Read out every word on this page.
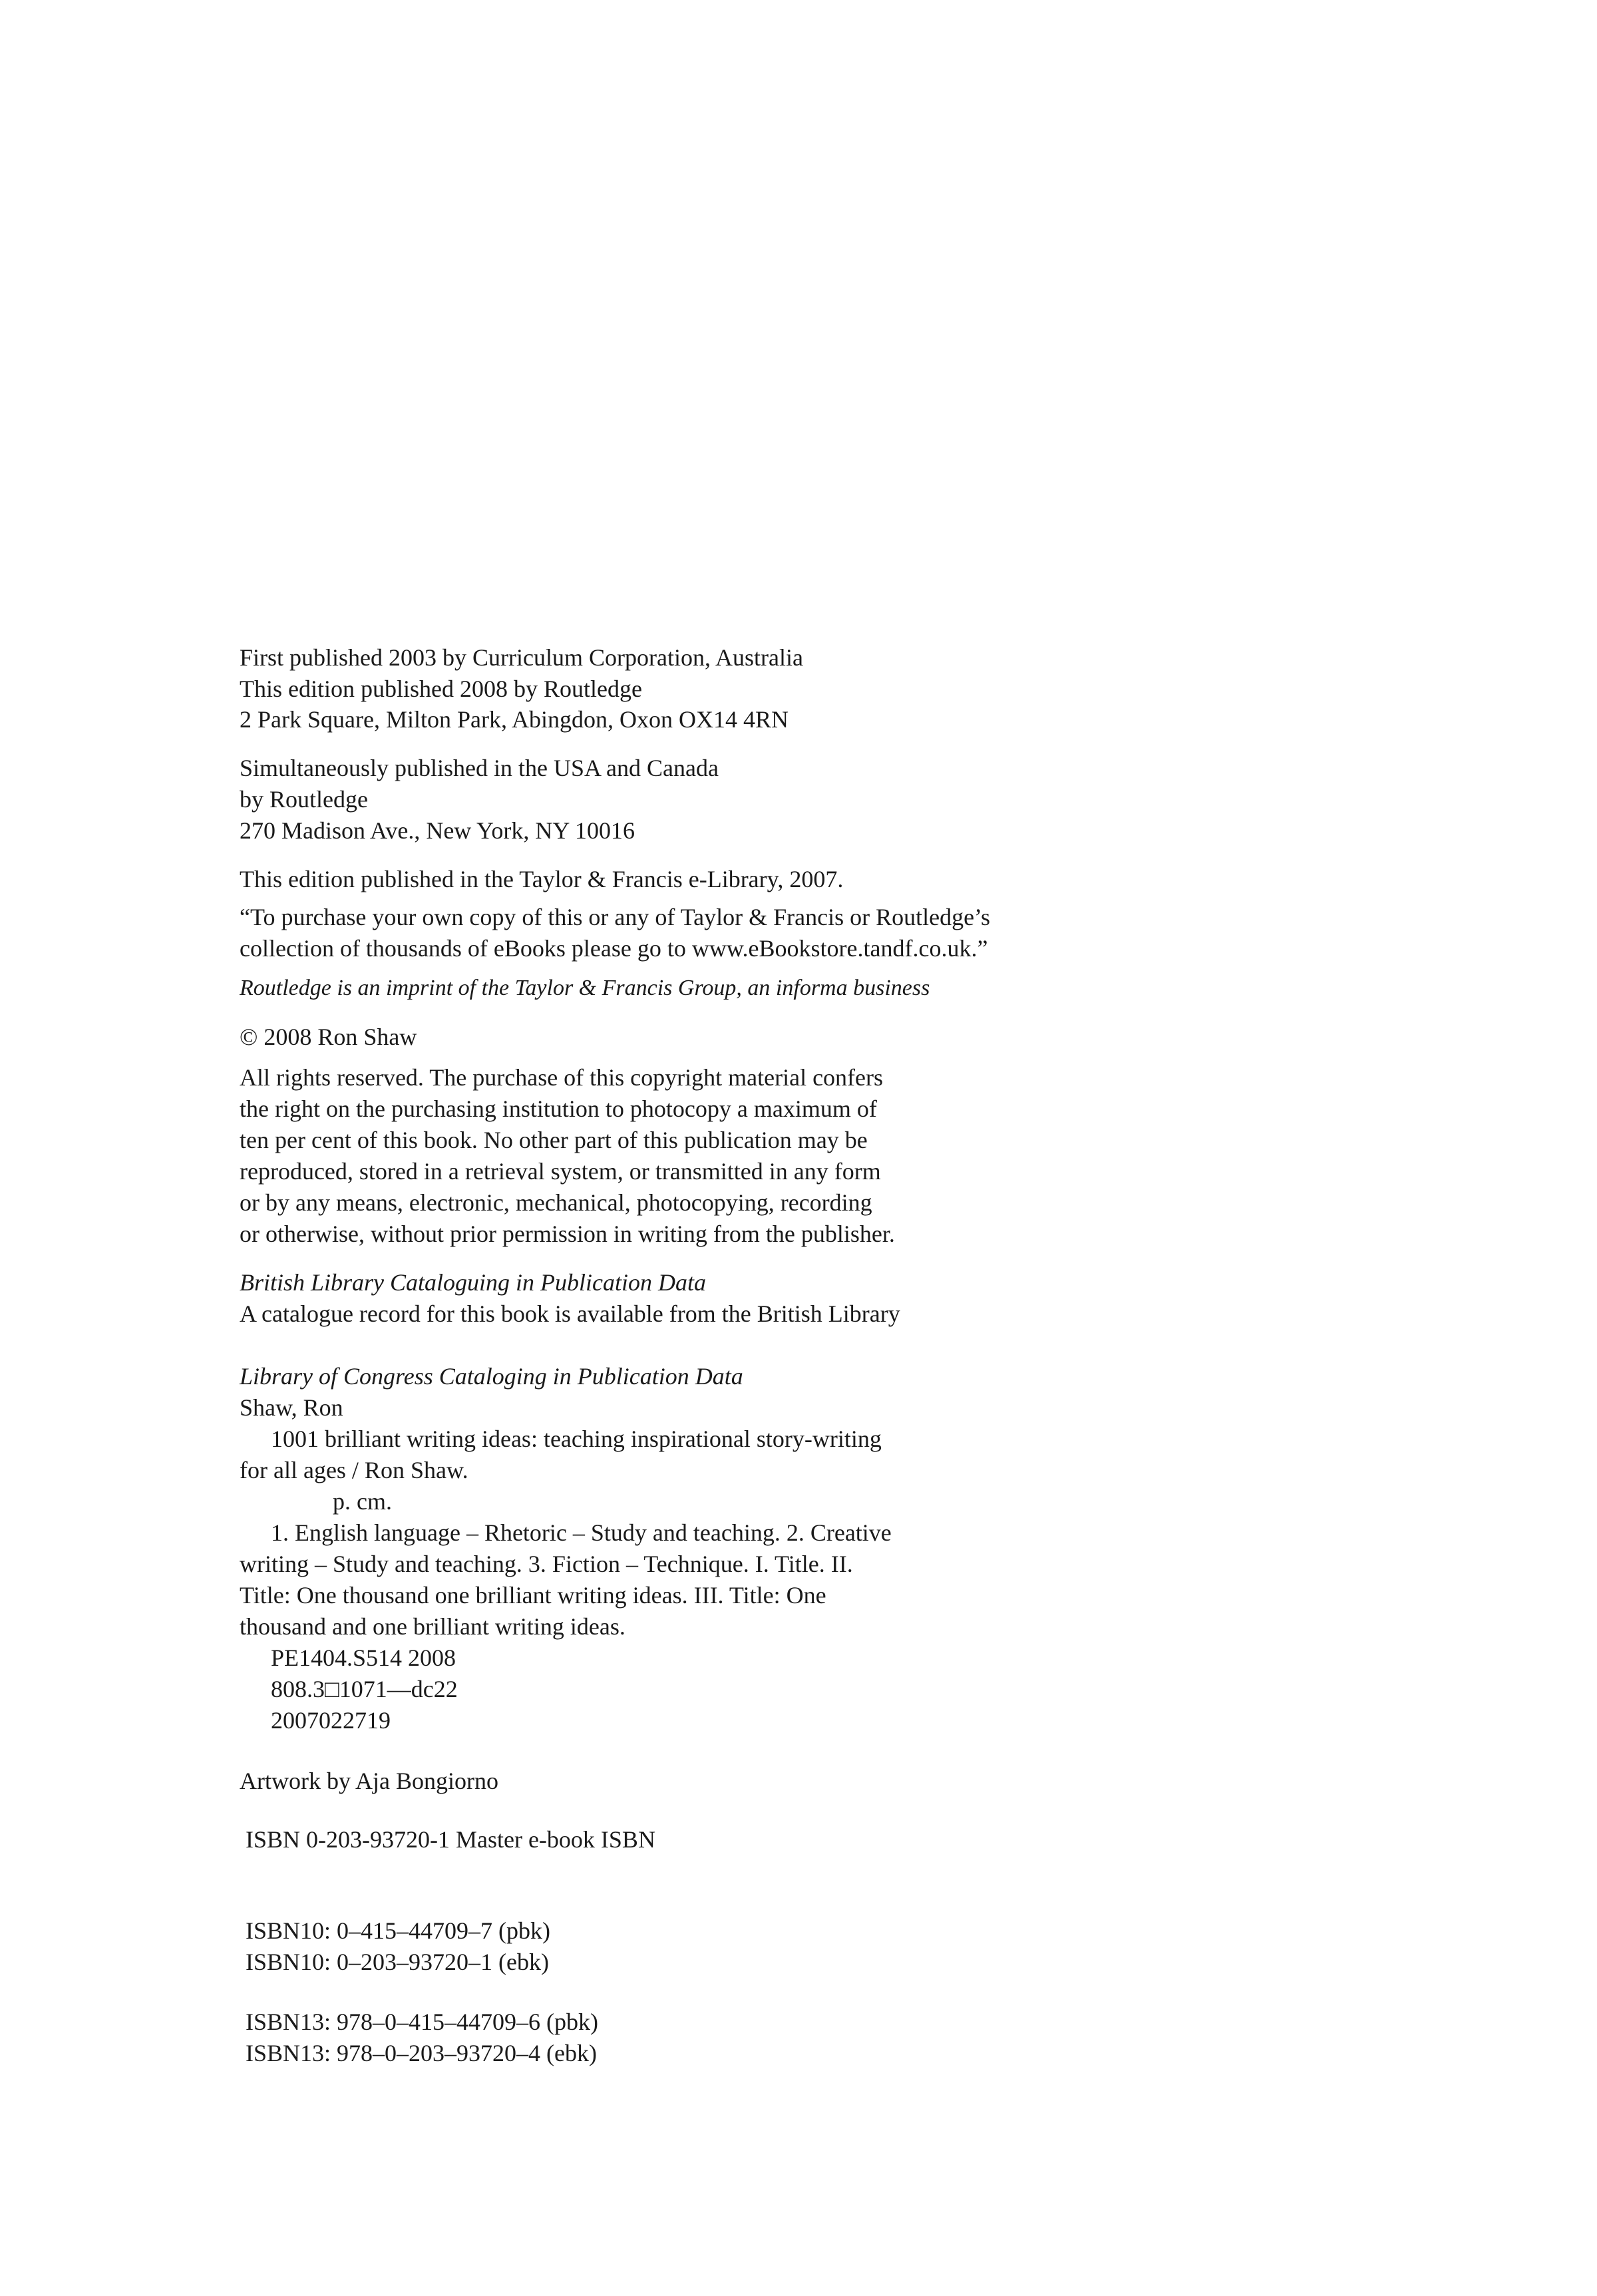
First published 2003 by Curriculum Corporation, Australia
This edition published 2008 by Routledge
2 Park Square, Milton Park, Abingdon, Oxon OX14 4RN
Simultaneously published in the USA and Canada
by Routledge
270 Madison Ave., New York, NY 10016
This edition published in the Taylor & Francis e-Library, 2007.
“To purchase your own copy of this or any of Taylor & Francis or Routledge’s
collection of thousands of eBooks please go to www.eBookstore.tandf.co.uk.”
Routledge is an imprint of the Taylor & Francis Group, an informa business
© 2008 Ron Shaw
All rights reserved. The purchase of this copyright material confers
the right on the purchasing institution to photocopy a maximum of
ten per cent of this book. No other part of this publication may be
reproduced, stored in a retrieval system, or transmitted in any form
or by any means, electronic, mechanical, photocopying, recording
or otherwise, without prior permission in writing from the publisher.
British Library Cataloguing in Publication Data
A catalogue record for this book is available from the British Library
Library of Congress Cataloging in Publication Data
Shaw, Ron
1001 brilliant writing ideas: teaching inspirational story-writing
for all ages / Ron Shaw.
p. cm.
1. English language – Rhetoric – Study and teaching. 2. Creative
writing – Study and teaching. 3. Fiction – Technique. I. Title. II.
Title: One thousand one brilliant writing ideas. III. Title: One
thousand and one brilliant writing ideas.
PE1404.S514 2008
808.3□1071—dc22
2007022719
Artwork by Aja Bongiorno
ISBN 0-203-93720-1 Master e-book ISBN
ISBN10: 0–415–44709–7 (pbk)
ISBN10: 0–203–93720–1 (ebk)
ISBN13: 978–0–415–44709–6 (pbk)
ISBN13: 978–0–203–93720–4 (ebk)
